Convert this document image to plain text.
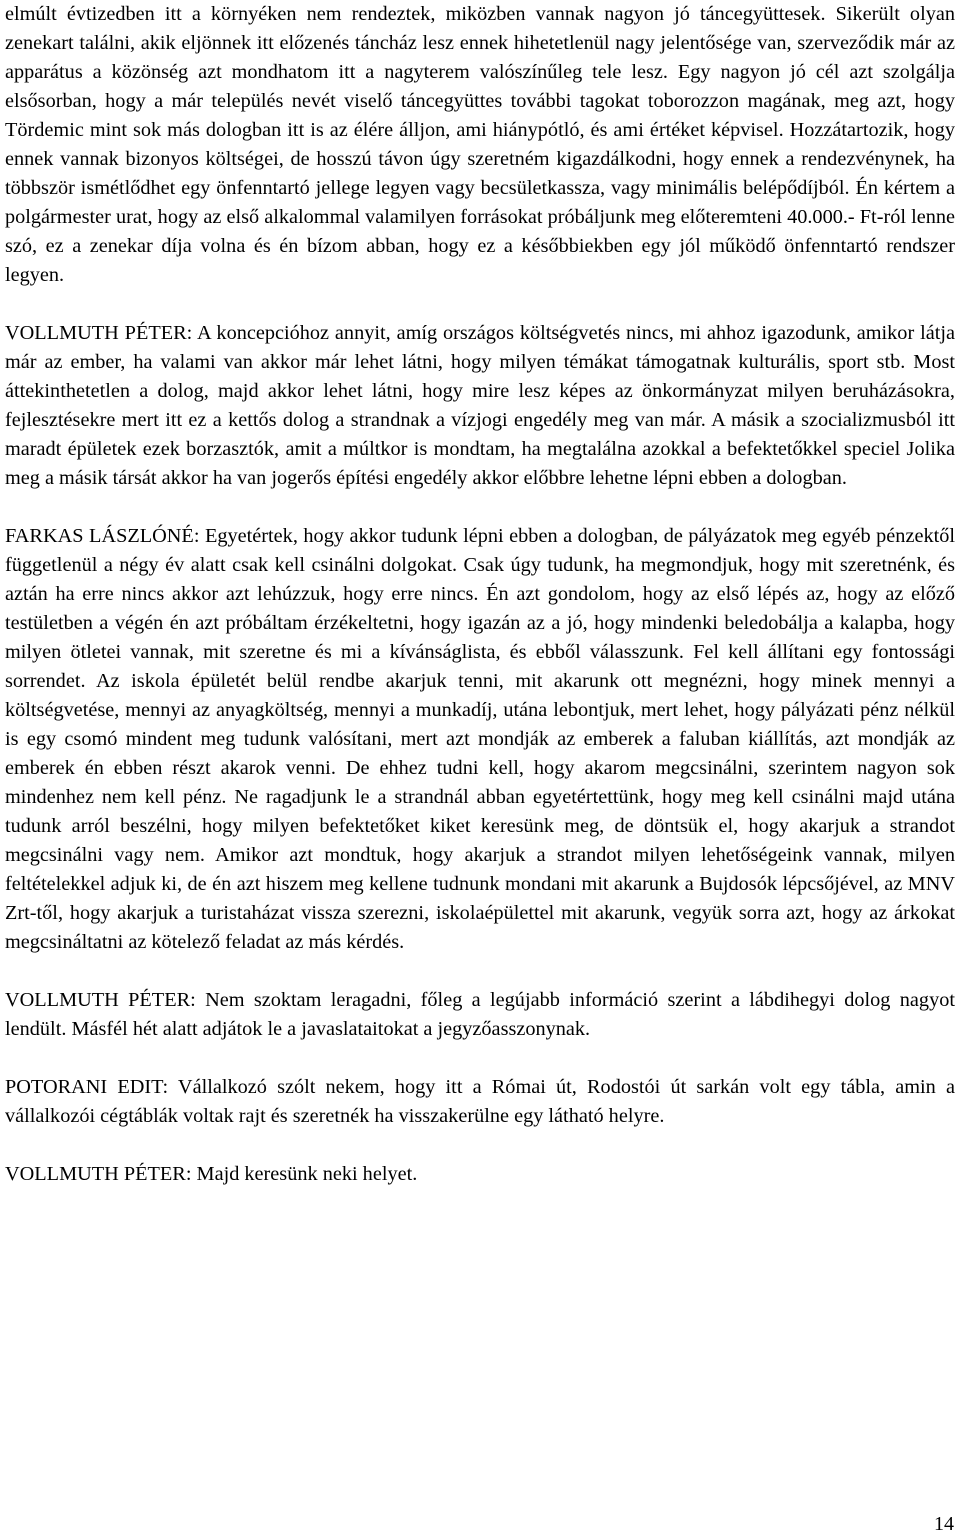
elmúlt évtizedben itt a környéken nem rendeztek, miközben vannak nagyon jó táncegyüttesek. Sikerült olyan zenekart találni, akik eljönnek itt előzenés táncház lesz ennek hihetetlenül nagy jelentősége van, szerveződik már az apparátus a közönség azt mondhatom itt a nagyterem valószínűleg tele lesz. Egy nagyon jó cél azt szolgálja elsősorban, hogy a már település nevét viselő táncegyüttes további tagokat toborozzon magának, meg azt, hogy Tördemic mint sok más dologban itt is az élére álljon, ami hiánypótló, és ami értéket képvisel. Hozzátartozik, hogy ennek vannak bizonyos költségei, de hosszú távon úgy szeretném kigazdálkodni, hogy ennek a rendezvénynek, ha többször ismétlődhet egy önfenntartó jellege legyen vagy becsületkassza, vagy minimális belépődíjból. Én kértem a polgármester urat, hogy az első alkalommal valamilyen forrásokat próbáljunk meg előteremteni 40.000.- Ft-ról lenne szó, ez a zenekar díja volna és én bízom abban, hogy ez a későbbiekben egy jól működő önfenntartó rendszer legyen.

VOLLMUTH PÉTER: A koncepcióhoz annyit, amíg országos költségvetés nincs, mi ahhoz igazodunk, amikor látja már az ember, ha valami van akkor már lehet látni, hogy milyen témákat támogatnak kulturális, sport stb. Most áttekinthetetlen a dolog, majd akkor lehet látni, hogy mire lesz képes az önkormányzat milyen beruházásokra, fejlesztésekre mert itt ez a kettős dolog a strandnak a vízjogi engedély meg van már. A másik a szocializmusból itt maradt épületek ezek borzasztók, amit a múltkor is mondtam, ha megtalálna azokkal a befektetőkkel speciel Jolika meg a másik társát akkor ha van jogerős építési engedély akkor előbbre lehetne lépni ebben a dologban.

FARKAS LÁSZLÓNÉ: Egyetértek, hogy akkor tudunk lépni ebben a dologban, de pályázatok meg egyéb pénzektől függetlenül a négy év alatt csak kell csinálni dolgokat. Csak úgy tudunk, ha megmondjuk, hogy mit szeretnénk, és aztán ha erre nincs akkor azt lehúzzuk, hogy erre nincs. Én azt gondolom, hogy az első lépés az, hogy az előző testületben a végén én azt próbáltam érzékeltetni, hogy igazán az a jó, hogy mindenki beledobálja a kalapba, hogy milyen ötletei vannak, mit szeretne és mi a kívánságlista, és ebből válasszunk. Fel kell állítani egy fontossági sorrendet. Az iskola épületét belül rendbe akarjuk tenni, mit akarunk ott megnézni, hogy minek mennyi a költségvetése, mennyi az anyagköltség, mennyi a munkadíj, utána lebontjuk, mert lehet, hogy pályázati pénz nélkül is egy csomó mindent meg tudunk valósítani, mert azt mondják az emberek a faluban kiállítás, azt mondják az emberek én ebben részt akarok venni. De ehhez tudni kell, hogy akarom megcsinálni, szerintem nagyon sok mindenhez nem kell pénz. Ne ragadjunk le a strandnál abban egyetértettünk, hogy meg kell csinálni majd utána tudunk arról beszélni, hogy milyen befektetőket kiket keresünk meg, de döntsük el, hogy akarjuk a strandot megcsinálni vagy nem. Amikor azt mondtuk, hogy akarjuk a strandot milyen lehetőségeink vannak, milyen feltételekkel adjuk ki, de én azt hiszem meg kellene tudnunk mondani mit akarunk a Bujdosók lépcsőjével, az MNV Zrt-től, hogy akarjuk a turistaházat vissza szerezni, iskolaépülettel mit akarunk, vegyük sorra azt, hogy az árkokat megcsináltatni az kötelező feladat az más kérdés.

VOLLMUTH PÉTER: Nem szoktam leragadni, főleg a legújabb információ szerint a lábdihegyi dolog nagyot lendült. Másfél hét alatt adjátok le a javaslataitokat a jegyzőasszonynak.

POTORANI EDIT: Vállalkozó szólt nekem, hogy itt a Római út, Rodostói út sarkán volt egy tábla, amin a vállalkozói cégtáblák voltak rajt és szeretnék ha visszakerülne egy látható helyre.

VOLLMUTH PÉTER: Majd keresünk neki helyet.

14
